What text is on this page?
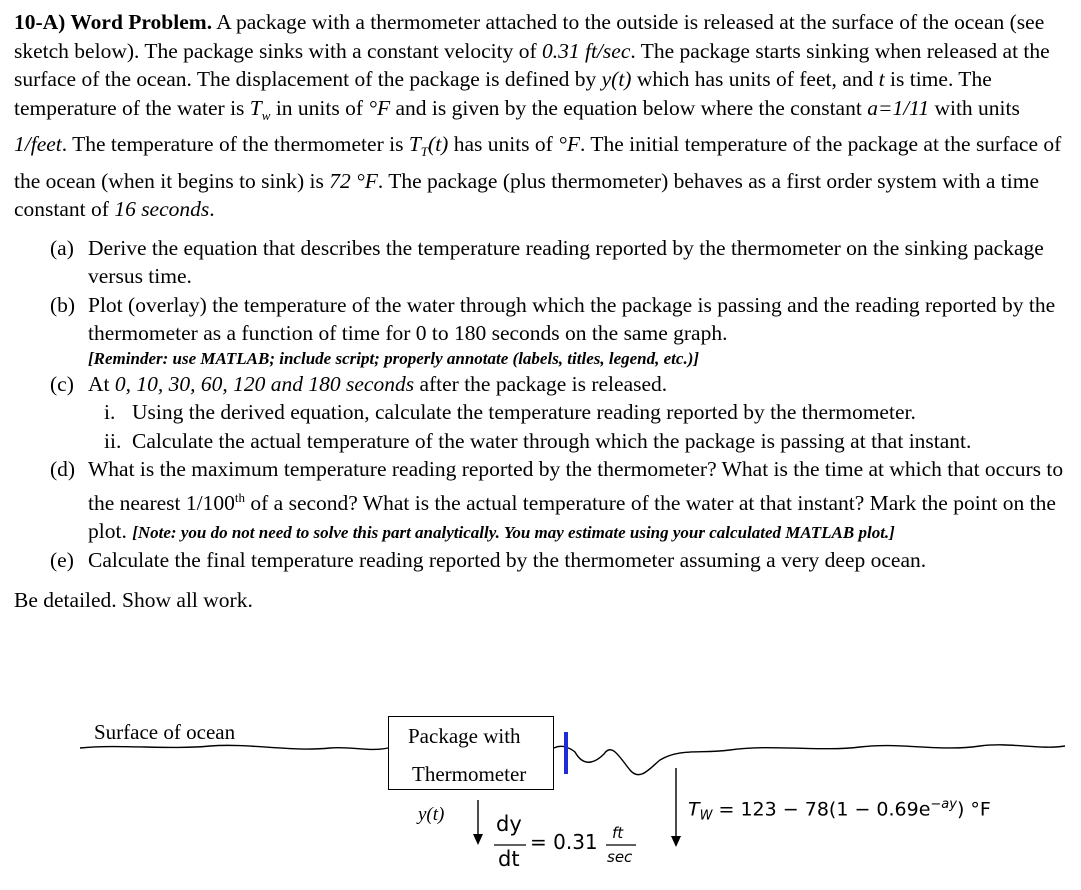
10-A) Word Problem. A package with a thermometer attached to the outside is released at the surface of the ocean (see sketch below). The package sinks with a constant velocity of 0.31 ft/sec. The package starts sinking when released at the surface of the ocean. The displacement of the package is defined by y(t) which has units of feet, and t is time. The temperature of the water is $T_w$ in units of °F and is given by the equation below where the constant a=1/11 with units 1/feet. The temperature of the thermometer is $T_T(t)$ has units of °F. The initial temperature of the package at the surface of the ocean (when it begins to sink) is 72 °F. The package (plus thermometer) behaves as a first order system with a time constant of 16 seconds.

(a) Derive the equation that describes the temperature reading reported by the thermometer on the sinking package versus time.
(b) Plot (overlay) the temperature of the water through which the package is passing and the reading reported by the thermometer as a function of time for 0 to 180 seconds on the same graph.
[Reminder: use MATLAB; include script; properly annotate (labels, titles, legend, etc.)]
(c) At 0, 10, 30, 60, 120 and 180 seconds after the package is released.
i. Using the derived equation, calculate the temperature reading reported by the thermometer.
ii. Calculate the actual temperature of the water through which the package is passing at that instant.
(d) What is the maximum temperature reading reported by the thermometer? What is the time at which that occurs to the nearest 1/100th of a second? What is the actual temperature of the water at that instant? Mark the point on the plot. [Note: you do not need to solve this part analytically. You may estimate using your calculated MATLAB plot.]
(e) Calculate the final temperature reading reported by the thermometer assuming a very deep ocean.

Be detailed. Show all work.

Surface of ocean	Package with
Thermometer
y(t) dy
dt
= 0.31 ft
sec
$T_W = 123 - 78(1 - 0.69e^{-ay})$ °F
